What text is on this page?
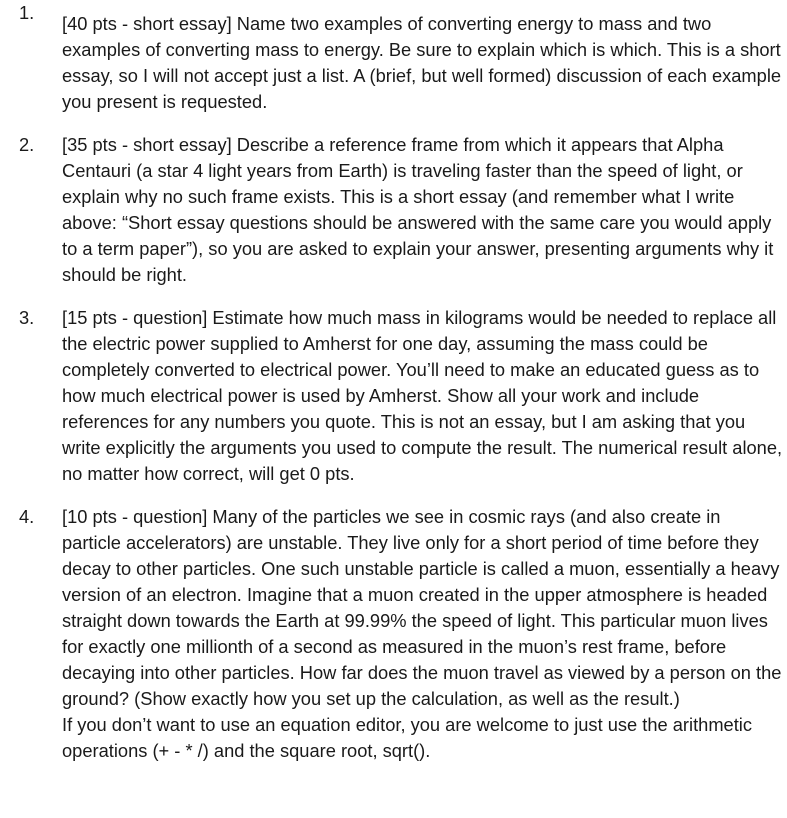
1.

[40 pts - short essay] Name two examples of converting energy to mass and two examples of converting mass to energy. Be sure to explain which is which. This is a short essay, so I will not accept just a list. A (brief, but well formed) discussion of each example you present is requested.

2. [35 pts - short essay] Describe a reference frame from which it appears that Alpha Centauri (a star 4 light years from Earth) is traveling faster than the speed of light, or explain why no such frame exists. This is a short essay (and remember what I write above: “Short essay questions should be answered with the same care you would apply to a term paper”), so you are asked to explain your answer, presenting arguments why it should be right.

3. [15 pts - question] Estimate how much mass in kilograms would be needed to replace all the electric power supplied to Amherst for one day, assuming the mass could be completely converted to electrical power. You’ll need to make an educated guess as to how much electrical power is used by Amherst. Show all your work and include references for any numbers you quote. This is not an essay, but I am asking that you write explicitly the arguments you used to compute the result. The numerical result alone, no matter how correct, will get 0 pts.

4. [10 pts - question] Many of the particles we see in cosmic rays (and also create in particle accelerators) are unstable. They live only for a short period of time before they decay to other particles. One such unstable particle is called a muon, essentially a heavy version of an electron. Imagine that a muon created in the upper atmosphere is headed straight down towards the Earth at 99.99% the speed of light. This particular muon lives for exactly one millionth of a second as measured in the muon’s rest frame, before decaying into other particles. How far does the muon travel as viewed by a person on the ground? (Show exactly how you set up the calculation, as well as the result.)

If you don’t want to use an equation editor, you are welcome to just use the arithmetic operations (+ - * /) and the square root, sqrt().
